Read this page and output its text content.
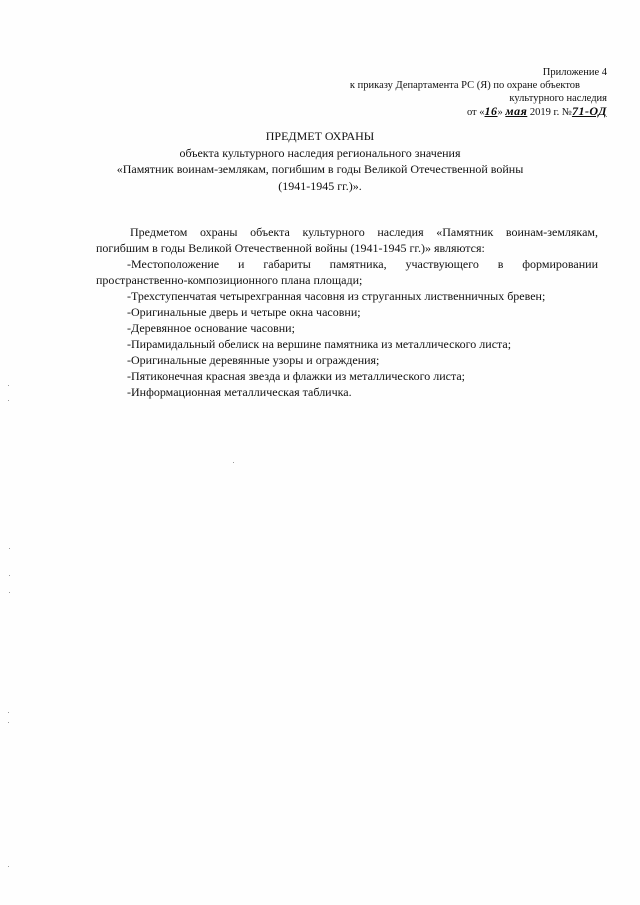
Приложение 4
к приказу Департамента РС (Я) по охране объектов
культурного наследия
от «16» мая 2019 г. №71-ОД
ПРЕДМЕТ ОХРАНЫ
объекта культурного наследия регионального значения
«Памятник воинам-землякам, погибшим в годы Великой Отечественной войны
(1941-1945 гг.)».
Предметом охраны объекта культурного наследия «Памятник воинам-землякам,
погибшим в годы Великой Отечественной войны (1941-1945 гг.)» являются:
-Местоположение и габариты памятника, участвующего в формировании
пространственно-композиционного плана площади;
-Трехступенчатая четырехгранная часовня из струганных лиственничных бревен;
-Оригинальные дверь и четыре окна часовни;
-Деревянное основание часовни;
-Пирамидальный обелиск на вершине памятника из металлического листа;
-Оригинальные деревянные узоры и ограждения;
-Пятиконечная красная звезда и флажки из металлического листа;
-Информационная металлическая табличка.
